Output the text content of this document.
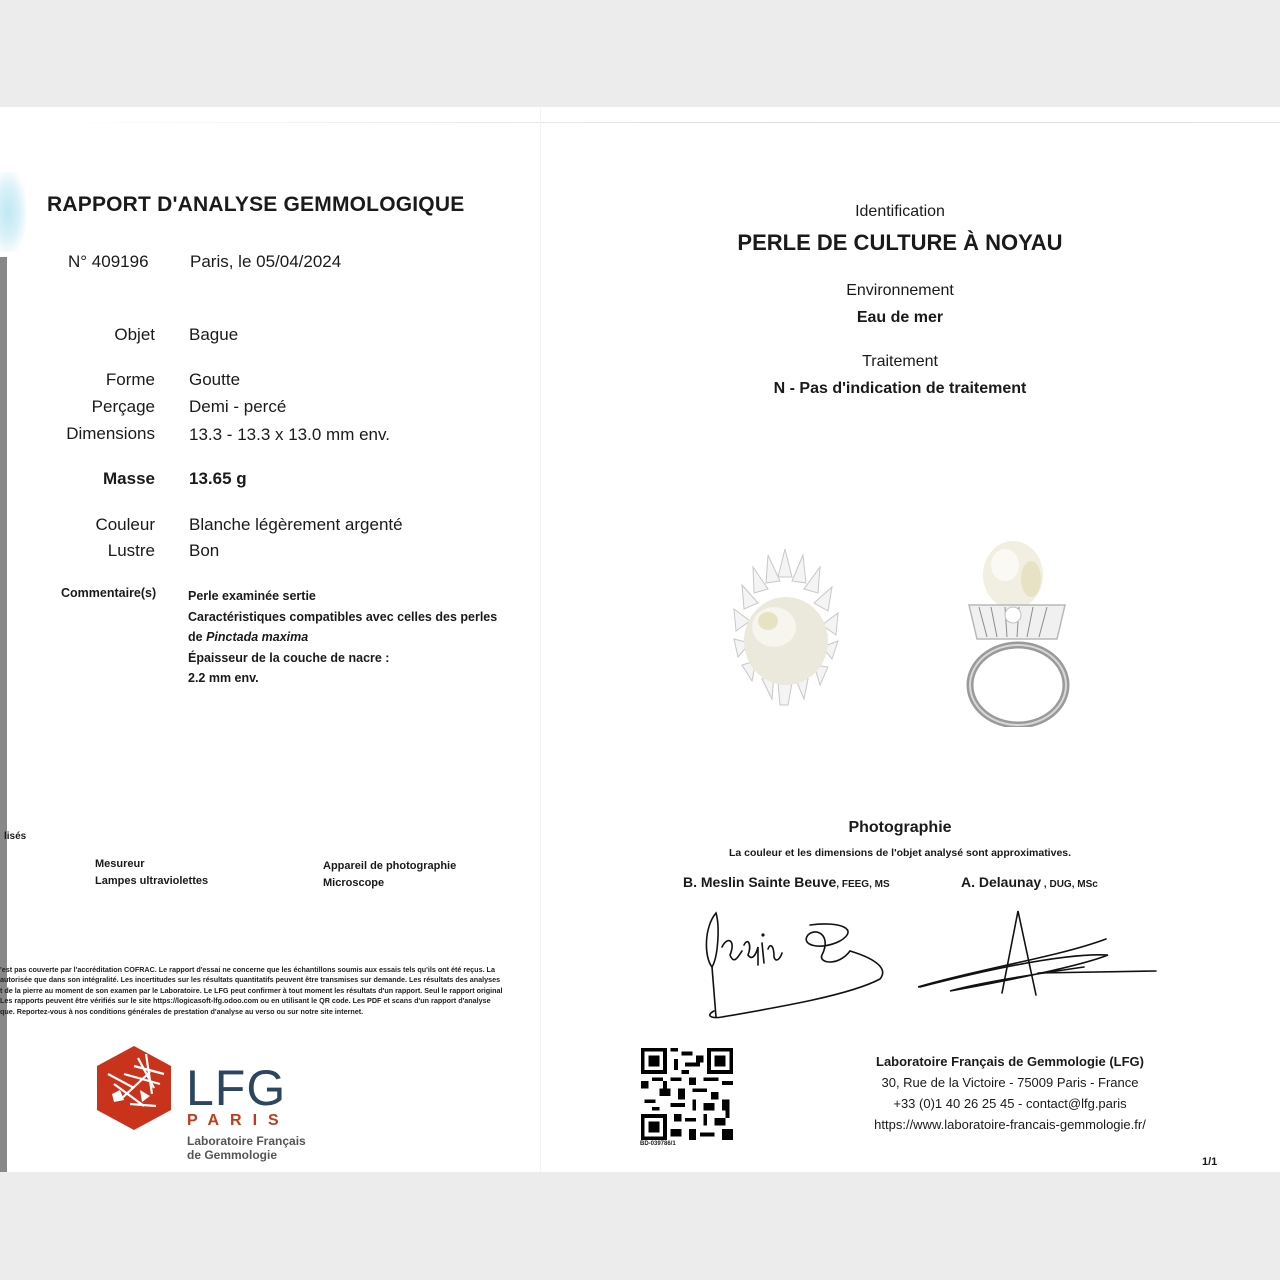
RAPPORT D'ANALYSE GEMMOLOGIQUE
N° 409196 Paris, le 05/04/2024
Objet Bague
Forme Goutte
Perçage Demi - percé
Dimensions 13.3 - 13.3 x 13.0 mm env.
Masse 13.65 g
Couleur Blanche légèrement argenté
Lustre Bon
Commentaire(s)	Perle examinée sertie
Caractéristiques compatibles avec celles des perles
de Pinctada maxima
Épaisseur de la couche de nacre :
2.2 mm env.
lisés
Mesureur
Lampes ultraviolettes
Appareil de photographie
Microscope
'est pas couverte par l'accréditation COFRAC. Le rapport d'essai ne concerne que les échantillons soumis aux essais tels qu'ils ont été reçus. La
autorisée que dans son intégralité. Les incertitudes sur les résultats quantitatifs peuvent être transmises sur demande. Les résultats des analyses
t de la pierre au moment de son examen par le Laboratoire. Le LFG peut confirmer à tout moment les résultats d'un rapport. Seul le rapport original
Les rapports peuvent être vérifiés sur le site https://logicasoft-lfg.odoo.com ou en utilisant le QR code. Les PDF et scans d'un rapport d'analyse
que. Reportez-vous à nos conditions générales de prestation d'analyse au verso ou sur notre site internet.
LFG
PARIS
Laboratoire Français
de Gemmologie
Identification
PERLE DE CULTURE À NOYAU
Environnement
Eau de mer
Traitement
N - Pas d'indication de traitement
Photographie
La couleur et les dimensions de l'objet analysé sont approximatives.
B. Meslin Sainte Beuve, FEEG, MS	A. Delaunay , DUG, MSc
BD-039786/1
Laboratoire Français de Gemmologie (LFG)
30, Rue de la Victoire - 75009 Paris - France
+33 (0)1 40 26 25 45 - contact@lfg.paris
https://www.laboratoire-francais-gemmologie.fr/
1/1
